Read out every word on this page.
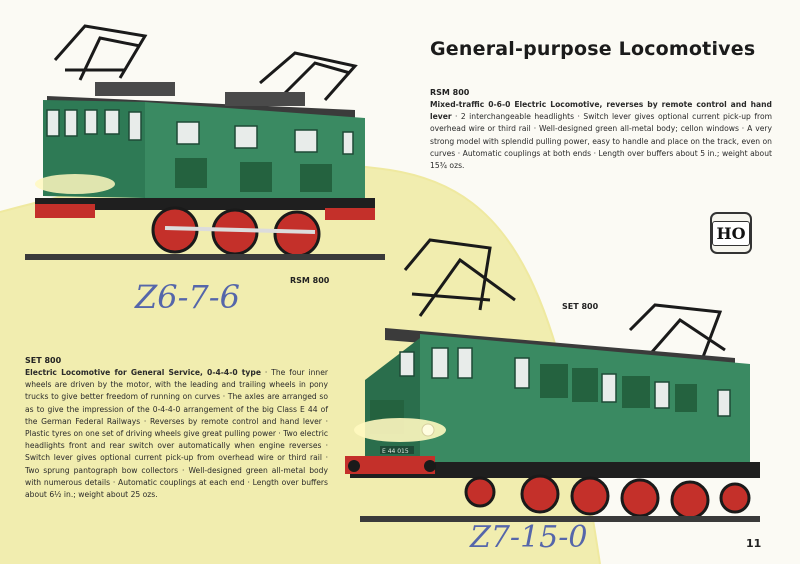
General-purpose Locomotives
RSM 800
Mixed-traffic 0-6-0 Electric Locomotive, reverses by remote control and hand lever · 2 interchangeable headlights · Switch lever gives optional current pick-up from overhead wire or third rail · Well-designed green all-metal body; cellon windows · A very strong model with splendid pulling power, easy to handle and place on the track, even on curves · Automatic couplings at both ends · Length over buffers about 5 in.; weight about 15¾ ozs.
HO
RSM 800
Z6-7-6
SET 800
Electric Locomotive for General Service, 0-4-4-0 type · The four inner wheels are driven by the motor, with the leading and trailing wheels in pony trucks to give better freedom of running on curves · The axles are arranged so as to give the impression of the 0-4-4-0 arrangement of the big Class E 44 of the German Federal Railways · Reverses by remote control and hand lever · Plastic tyres on one set of driving wheels give great pulling power · Two electric headlights front and rear switch over automatically when engine reverses · Switch lever gives optional current pick-up from overhead wire or third rail · Two sprung pantograph bow collectors · Well-designed green all-metal body with numerous details · Automatic couplings at each end · Length over buffers about 6½ in.; weight about 25 ozs.
SET 800
E 44 015
Z7-15-0	11
